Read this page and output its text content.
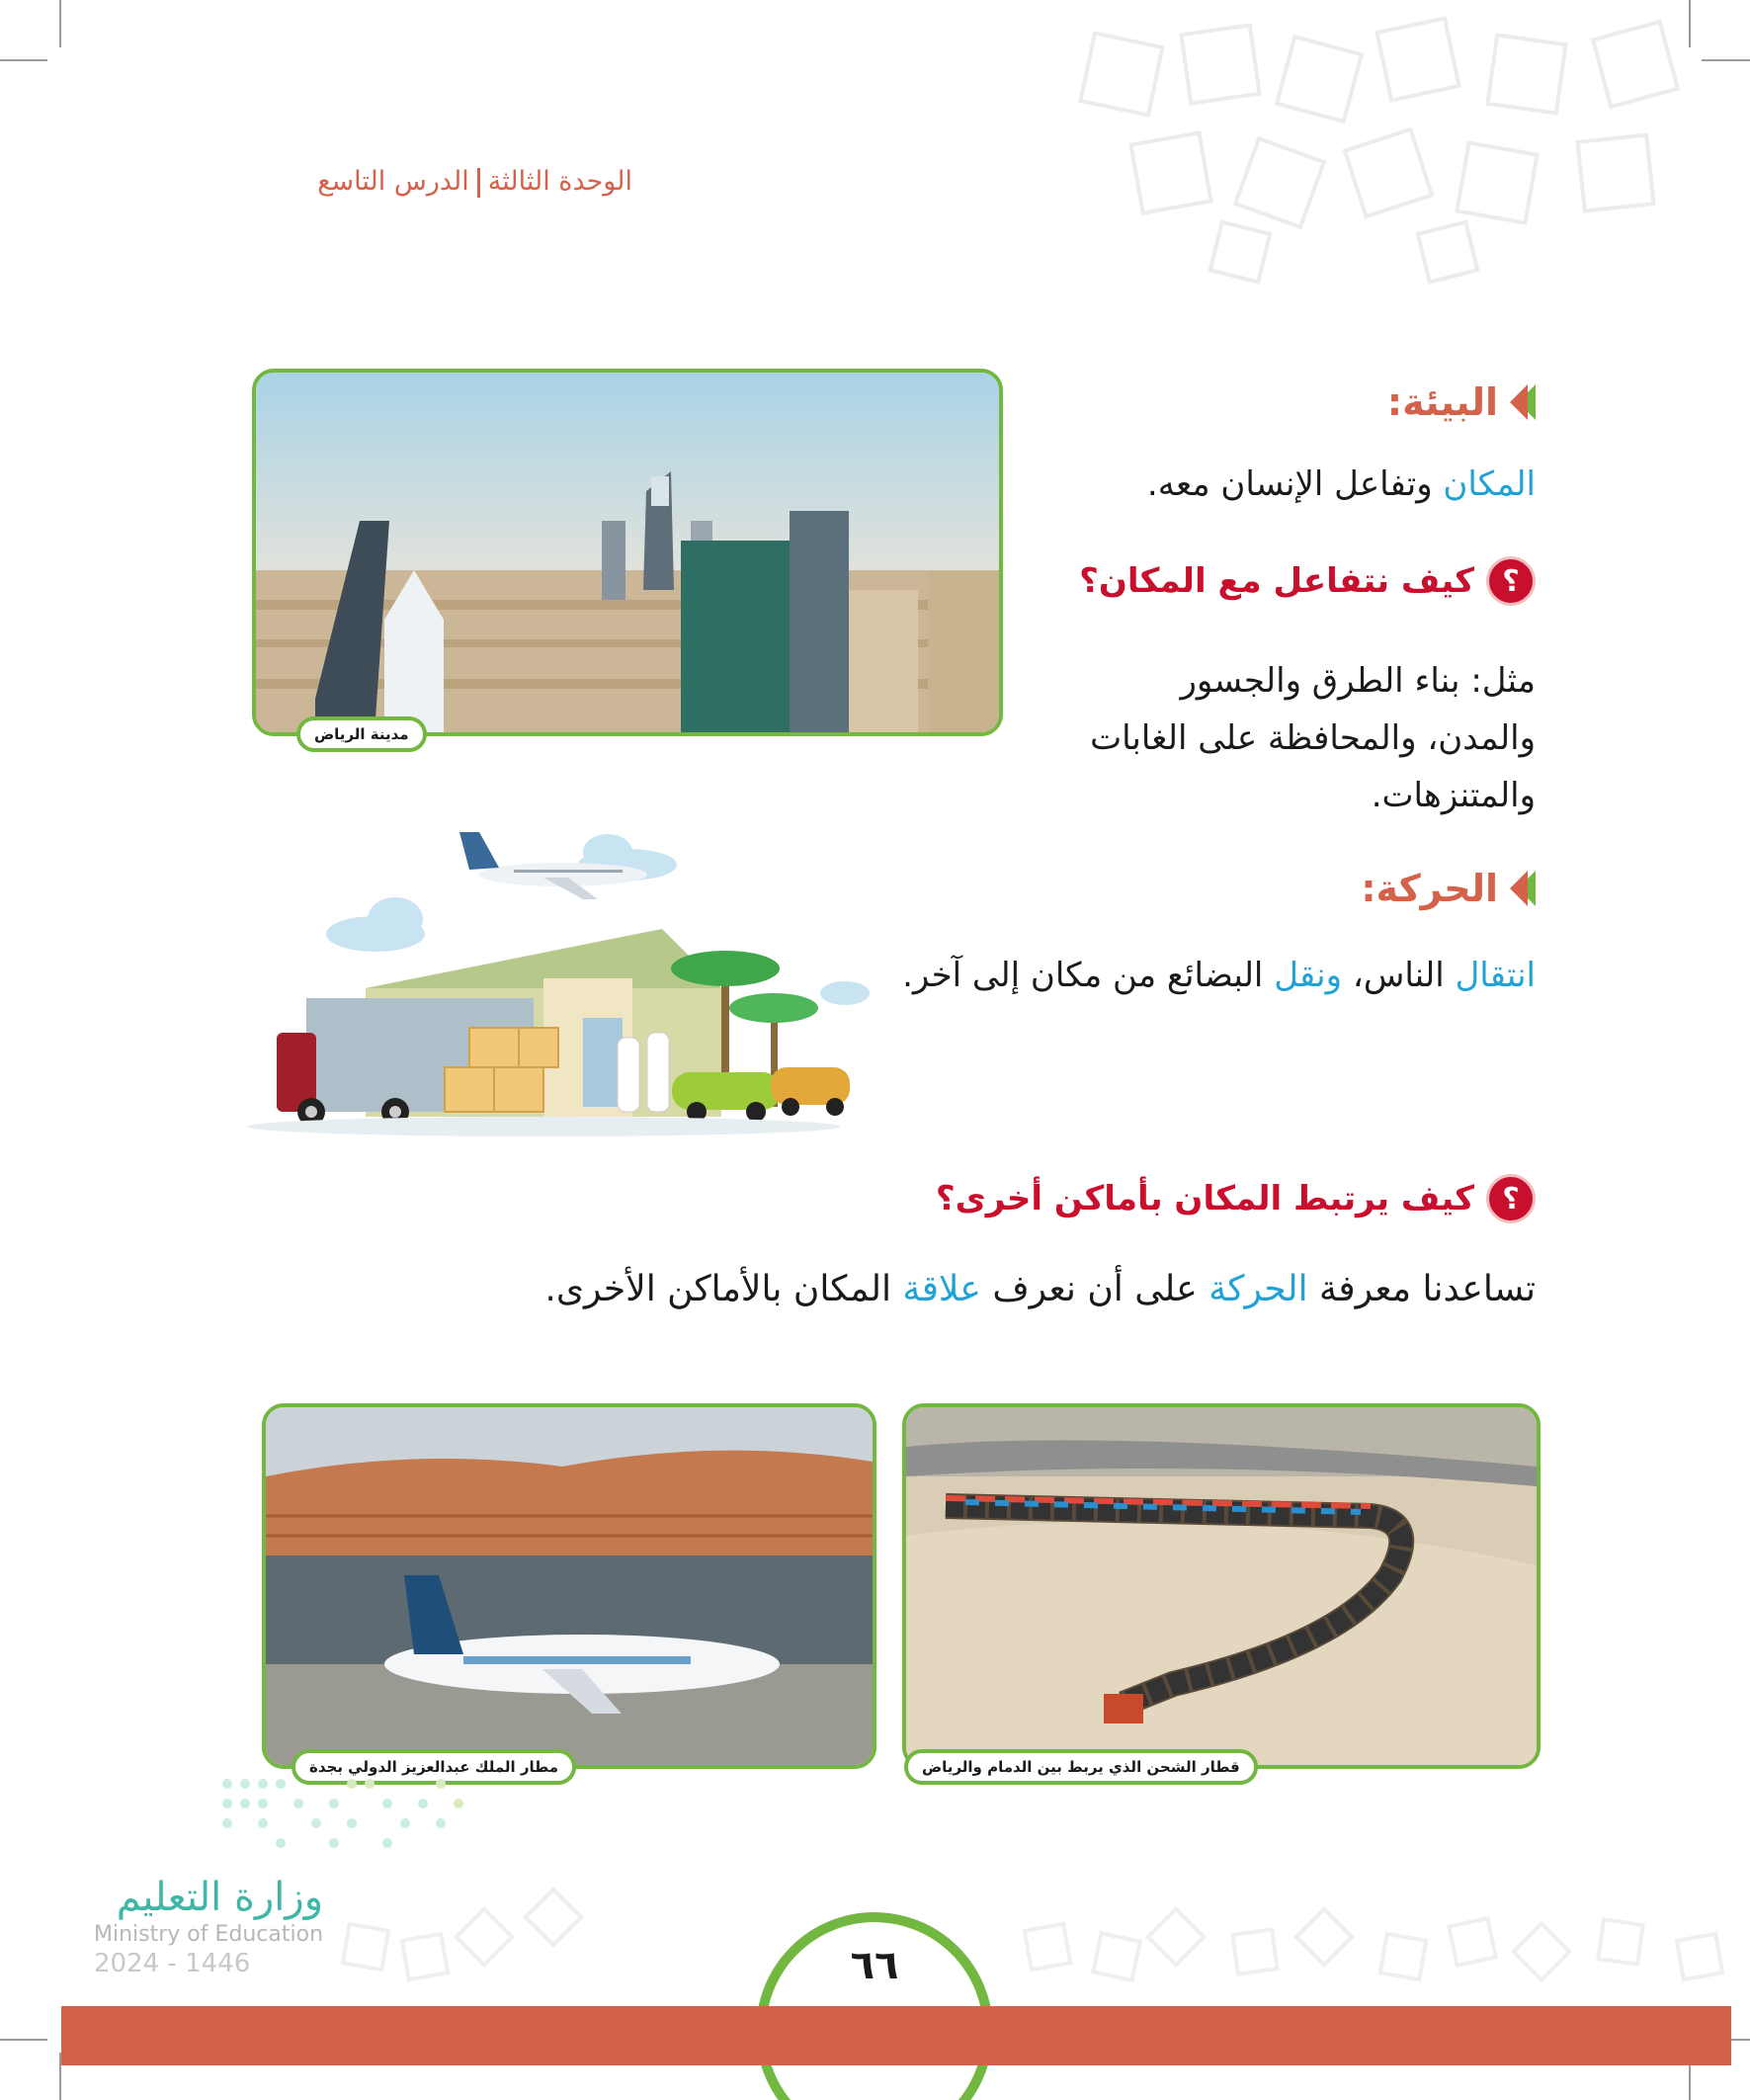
الوحدة الثالثةالدرس التاسع
مدينة الرياض
البيئة:
المكان وتفاعل الإنسان معه.
؟
كيف نتفاعل مع المكان؟
مثل: بناء الطرق والجسور والمدن، والمحافظة على الغابات والمتنزهات.
الحركة:
انتقال الناس، ونقل البضائع من مكان إلى آخر.
؟
كيف يرتبط المكان بأماكن أخرى؟
تساعدنا معرفة الحركة على أن نعرف علاقة المكان بالأماكن الأخرى.
قطار الشحن الذي يربط بين الدمام والرياض
مطار الملك عبدالعزيز الدولي بجدة
وزارة التعليم
Ministry of Education
2024 - 1446	٦٦
